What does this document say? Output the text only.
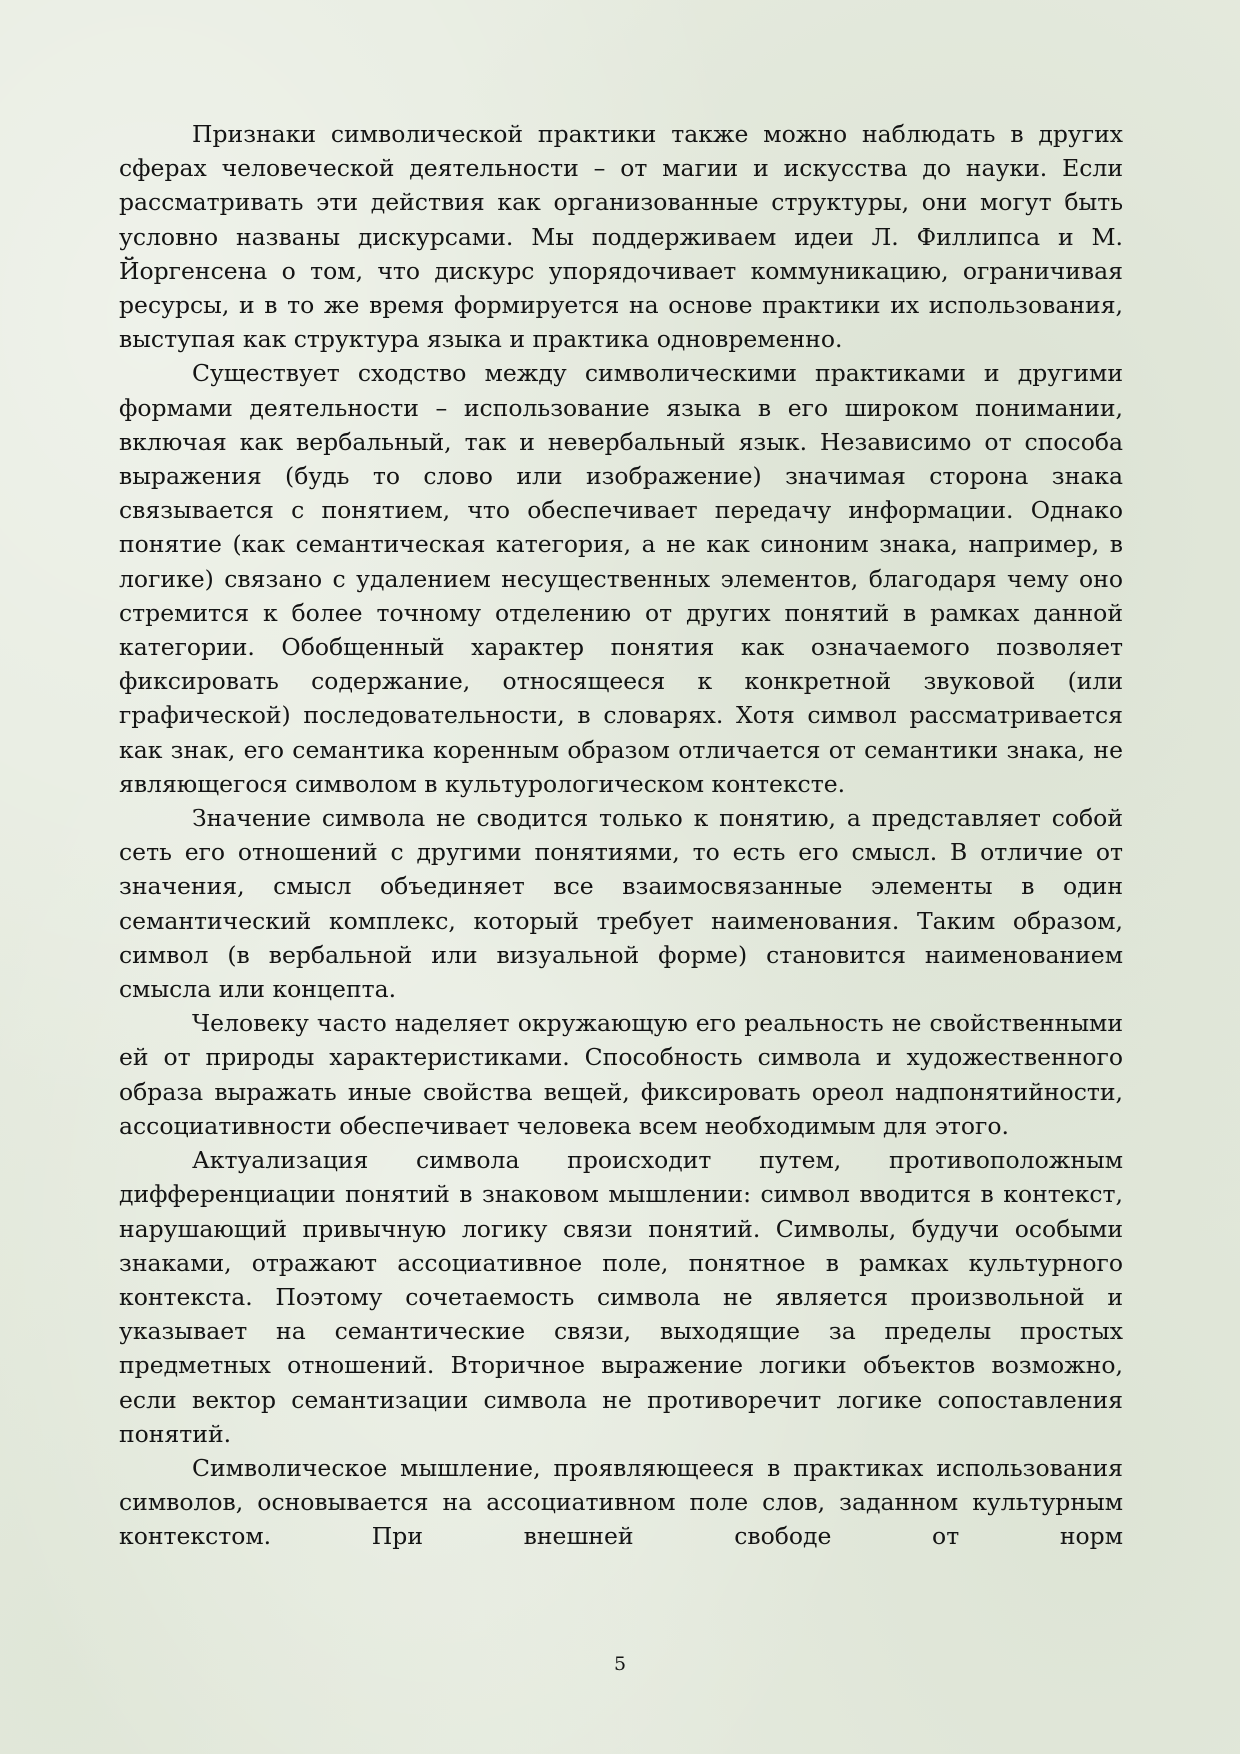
Признаки символической практики также можно наблюдать в других сферах человеческой деятельности – от магии и искусства до науки. Если рассматривать эти действия как организованные структуры, они могут быть условно названы дискурсами. Мы поддерживаем идеи Л. Филлипса и М. Йоргенсена о том, что дискурс упорядочивает коммуникацию, ограничивая ресурсы, и в то же время формируется на основе практики их использования, выступая как структура языка и практика одновременно.

Существует сходство между символическими практиками и другими формами деятельности – использование языка в его широком понимании, включая как вербальный, так и невербальный язык. Независимо от способа выражения (будь то слово или изображение) значимая сторона знака связывается с понятием, что обеспечивает передачу информации. Однако понятие (как семантическая категория, а не как синоним знака, например, в логике) связано с удалением несущественных элементов, благодаря чему оно стремится к более точному отделению от других понятий в рамках данной категории. Обобщенный характер понятия как означаемого позволяет фиксировать содержание, относящееся к конкретной звуковой (или графической) последовательности, в словарях. Хотя символ рассматривается как знак, его семантика коренным образом отличается от семантики знака, не являющегося символом в культурологическом контексте.

Значение символа не сводится только к понятию, а представляет собой сеть его отношений с другими понятиями, то есть его смысл. В отличие от значения, смысл объединяет все взаимосвязанные элементы в один семантический комплекс, который требует наименования. Таким образом, символ (в вербальной или визуальной форме) становится наименованием смысла или концепта.

Человеку часто наделяет окружающую его реальность не свойственными ей от природы характеристиками. Способность символа и художественного образа выражать иные свойства вещей, фиксировать ореол надпонятийности, ассоциативности обеспечивает человека всем необходимым для этого.

Актуализация символа происходит путем, противоположным дифференциации понятий в знаковом мышлении: символ вводится в контекст, нарушающий привычную логику связи понятий. Символы, будучи особыми знаками, отражают ассоциативное поле, понятное в рамках культурного контекста. Поэтому сочетаемость символа не является произвольной и указывает на семантические связи, выходящие за пределы простых предметных отношений. Вторичное выражение логики объектов возможно, если вектор семантизации символа не противоречит логике сопоставления понятий.

Символическое мышление, проявляющееся в практиках использования символов, основывается на ассоциативном поле слов, заданном культурным контекстом. При внешней свободе от норм

5
